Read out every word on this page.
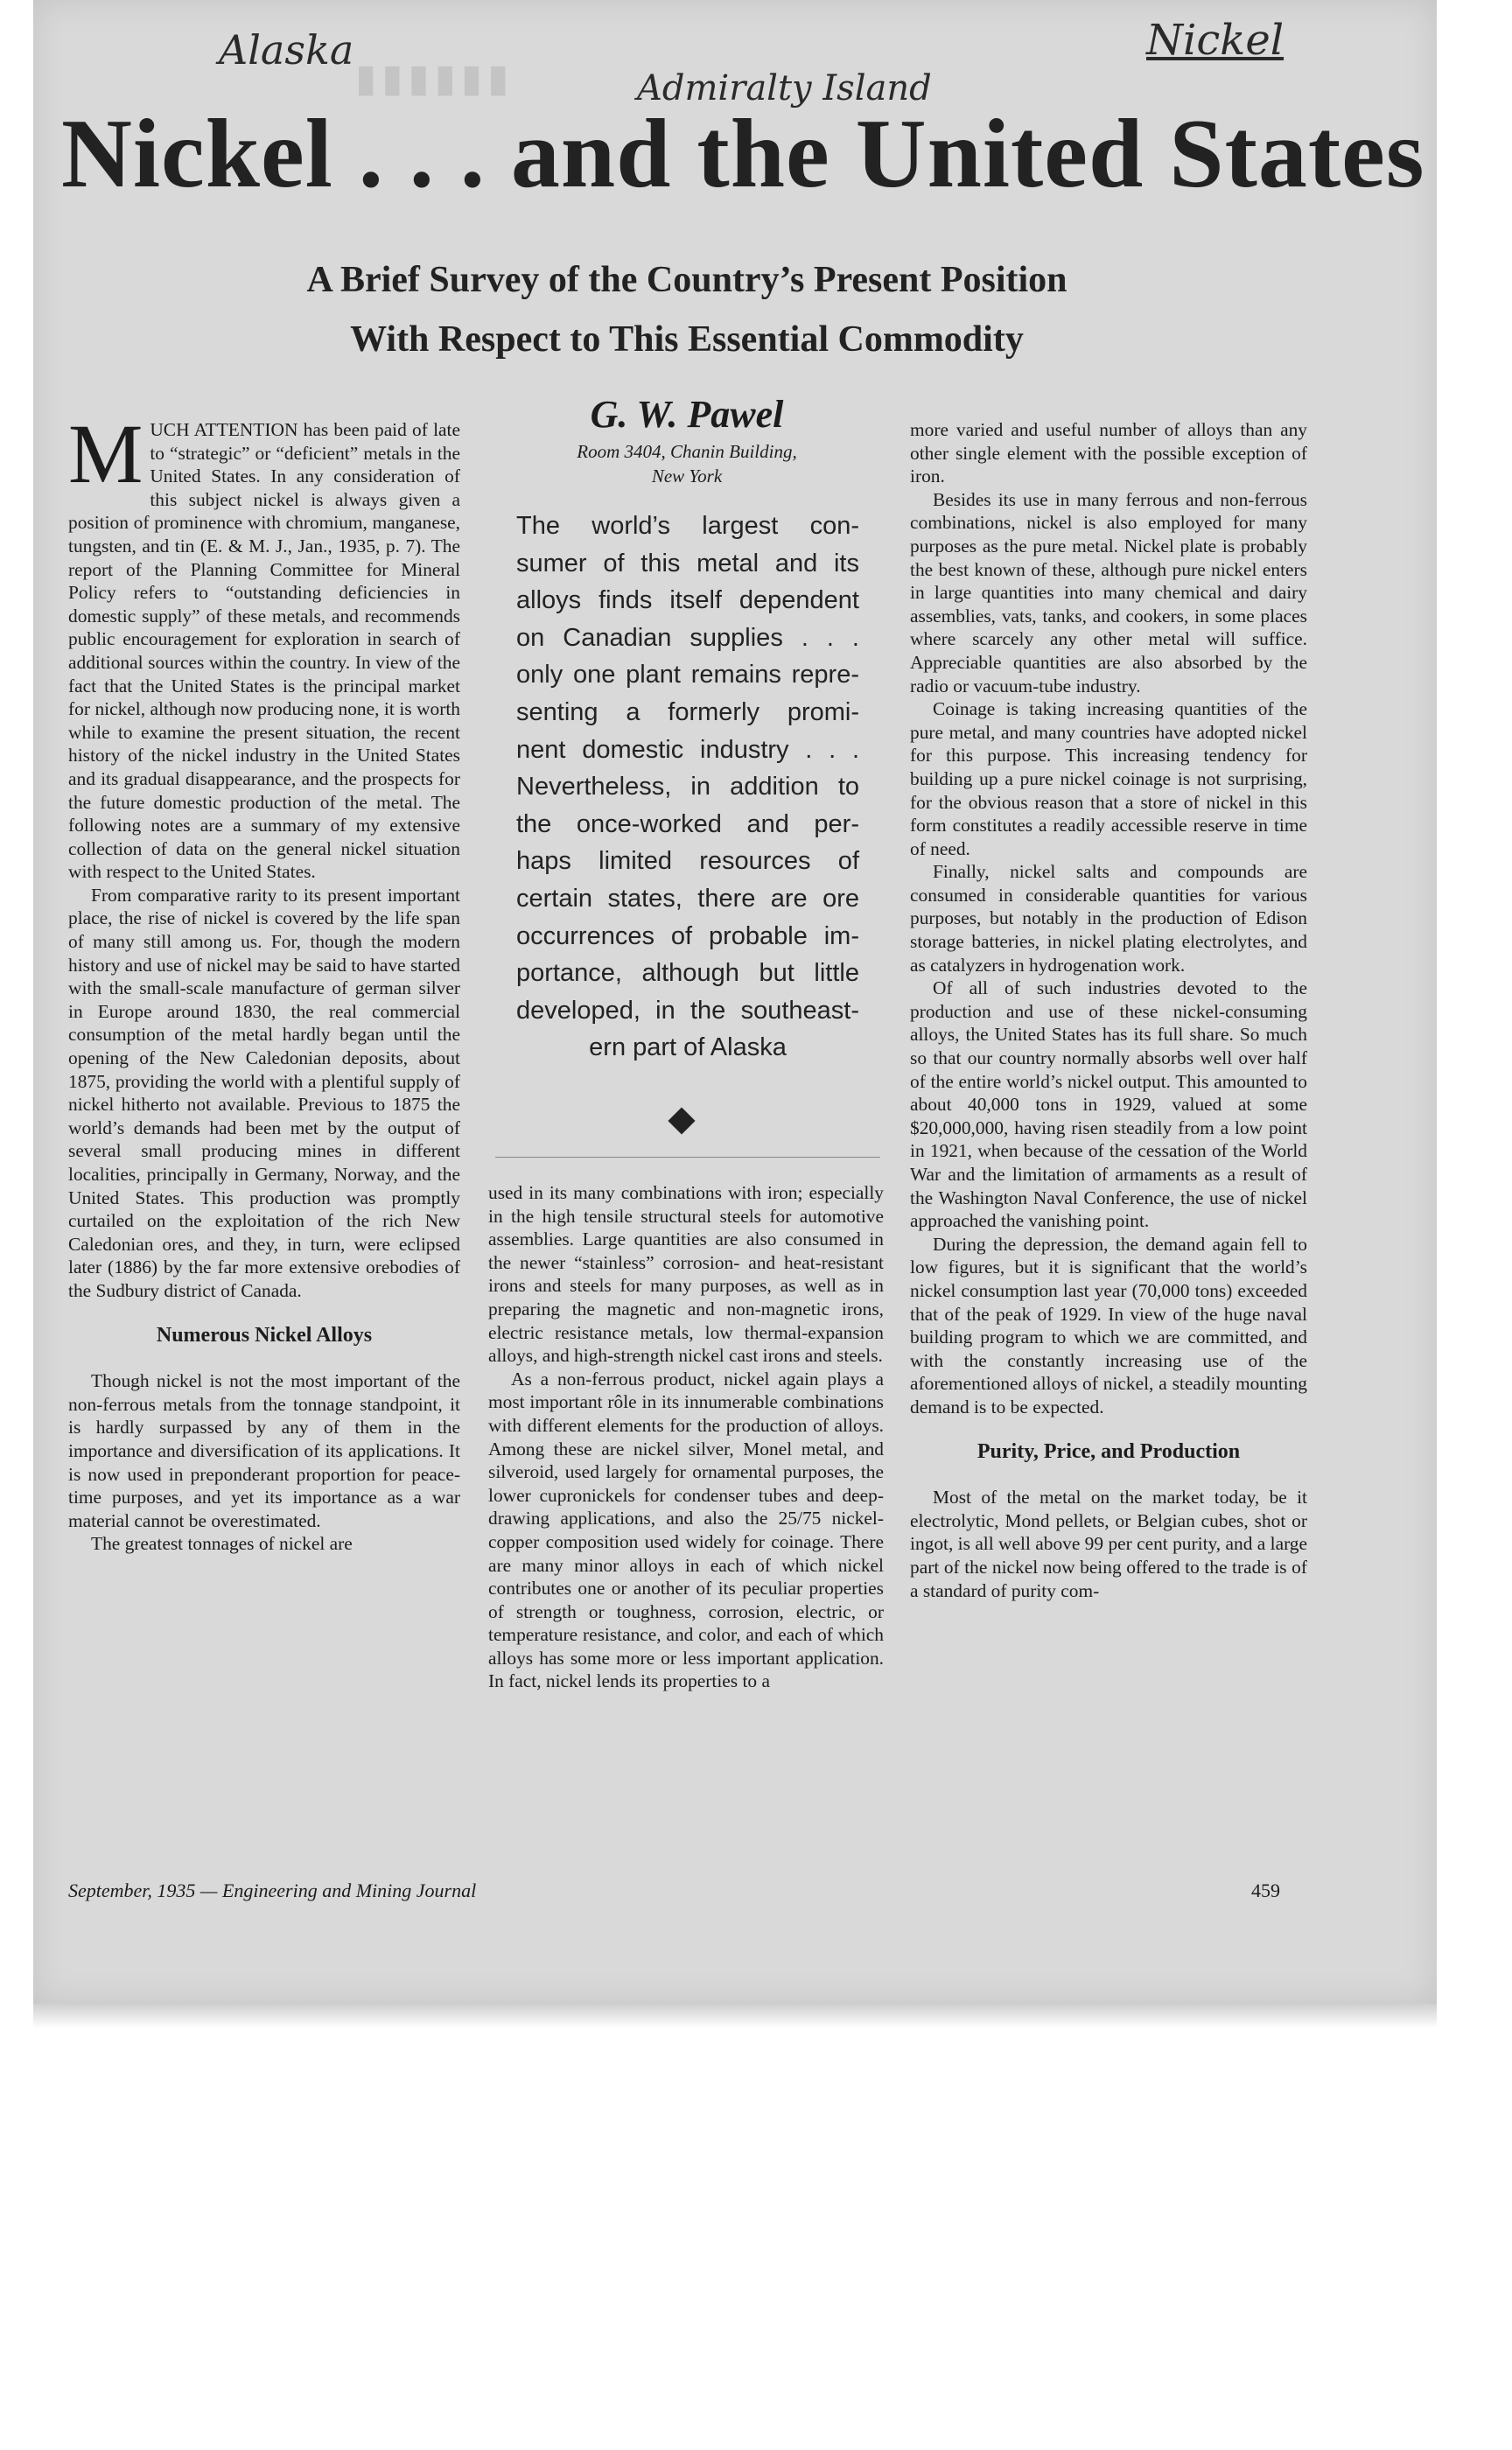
▮▮▮▮▮▮
Alaska
Admiralty Island
Nickel
Nickel . . . and the United States
A Brief Survey of the Country’s Present Position
With Respect to This Essential Commodity

MUCH ATTENTION has been paid of late to “strategic” or “deficient” metals in the United States. In any consideration of this subject nickel is always given a position of prominence with chromium, manganese, tungsten, and tin (E. & M. J., Jan., 1935, p. 7). The report of the Planning Committee for Mineral Policy refers to “outstanding deficiencies in domestic supply” of these metals, and recommends public encouragement for exploration in search of additional sources within the country. In view of the fact that the United States is the principal market for nickel, although now producing none, it is worth while to examine the present situation, the recent history of the nickel industry in the United States and its gradual disappearance, and the prospects for the future domestic production of the metal. The following notes are a summary of my extensive collection of data on the general nickel situation with respect to the United States.

From comparative rarity to its present important place, the rise of nickel is covered by the life span of many still among us. For, though the modern history and use of nickel may be said to have started with the small-scale manufacture of german silver in Europe around 1830, the real commercial consumption of the metal hardly began until the opening of the New Caledonian deposits, about 1875, providing the world with a plentiful supply of nickel hitherto not available. Previous to 1875 the world’s demands had been met by the output of several small producing mines in different localities, principally in Germany, Norway, and the United States. This production was promptly curtailed on the exploitation of the rich New Caledonian ores, and they, in turn, were eclipsed later (1886) by the far more extensive orebodies of the Sudbury district of Canada.

Numerous Nickel Alloys

Though nickel is not the most important of the non-ferrous metals from the tonnage standpoint, it is hardly surpassed by any of them in the importance and diversification of its applications. It is now used in preponderant proportion for peace-time purposes, and yet its importance as a war material cannot be overestimated.

The greatest tonnages of nickel are

G. W. Pawel
Room 3404, Chanin Building,
New York
The world’s largest con-
sumer of this metal and its
alloys finds itself dependent
on Canadian supplies . . .
only one plant remains repre-
senting a formerly promi-
nent domestic industry . . .
Nevertheless, in addition to
the once-worked and per-
haps limited resources of
certain states, there are ore
occurrences of probable im-
portance, although but little
developed, in the southeast-
ern part of Alaska

used in its many combinations with iron; especially in the high tensile structural steels for automotive assemblies. Large quantities are also consumed in the newer “stainless” corrosion- and heat-resistant irons and steels for many purposes, as well as in preparing the magnetic and non-magnetic irons, electric resistance metals, low thermal-expansion alloys, and high-strength nickel cast irons and steels.

As a non-ferrous product, nickel again plays a most important rôle in its innumerable combinations with different elements for the production of alloys. Among these are nickel silver, Monel metal, and silveroid, used largely for ornamental purposes, the lower cupronickels for condenser tubes and deep-drawing applications, and also the 25/75 nickel-copper composition used widely for coinage. There are many minor alloys in each of which nickel contributes one or another of its peculiar properties of strength or toughness, corrosion, electric, or temperature resistance, and color, and each of which alloys has some more or less important application. In fact, nickel lends its properties to a

more varied and useful number of alloys than any other single element with the possible exception of iron.

Besides its use in many ferrous and non-ferrous combinations, nickel is also employed for many purposes as the pure metal. Nickel plate is probably the best known of these, although pure nickel enters in large quantities into many chemical and dairy assemblies, vats, tanks, and cookers, in some places where scarcely any other metal will suffice. Appreciable quantities are also absorbed by the radio or vacuum-tube industry.

Coinage is taking increasing quantities of the pure metal, and many countries have adopted nickel for this purpose. This increasing tendency for building up a pure nickel coinage is not surprising, for the obvious reason that a store of nickel in this form constitutes a readily accessible reserve in time of need.

Finally, nickel salts and compounds are consumed in considerable quantities for various purposes, but notably in the production of Edison storage batteries, in nickel plating electrolytes, and as catalyzers in hydrogenation work.

Of all of such industries devoted to the production and use of these nickel-consuming alloys, the United States has its full share. So much so that our country normally absorbs well over half of the entire world’s nickel output. This amounted to about 40,000 tons in 1929, valued at some $20,000,000, having risen steadily from a low point in 1921, when because of the cessation of the World War and the limitation of armaments as a result of the Washington Naval Conference, the use of nickel approached the vanishing point.

During the depression, the demand again fell to low figures, but it is significant that the world’s nickel consumption last year (70,000 tons) exceeded that of the peak of 1929. In view of the huge naval building program to which we are committed, and with the constantly increasing use of the aforementioned alloys of nickel, a steadily mounting demand is to be expected.

Purity, Price, and Production

Most of the metal on the market today, be it electrolytic, Mond pellets, or Belgian cubes, shot or ingot, is all well above 99 per cent purity, and a large part of the nickel now being offered to the trade is of a standard of purity com-

September, 1935 — Engineering and Mining Journal	459
